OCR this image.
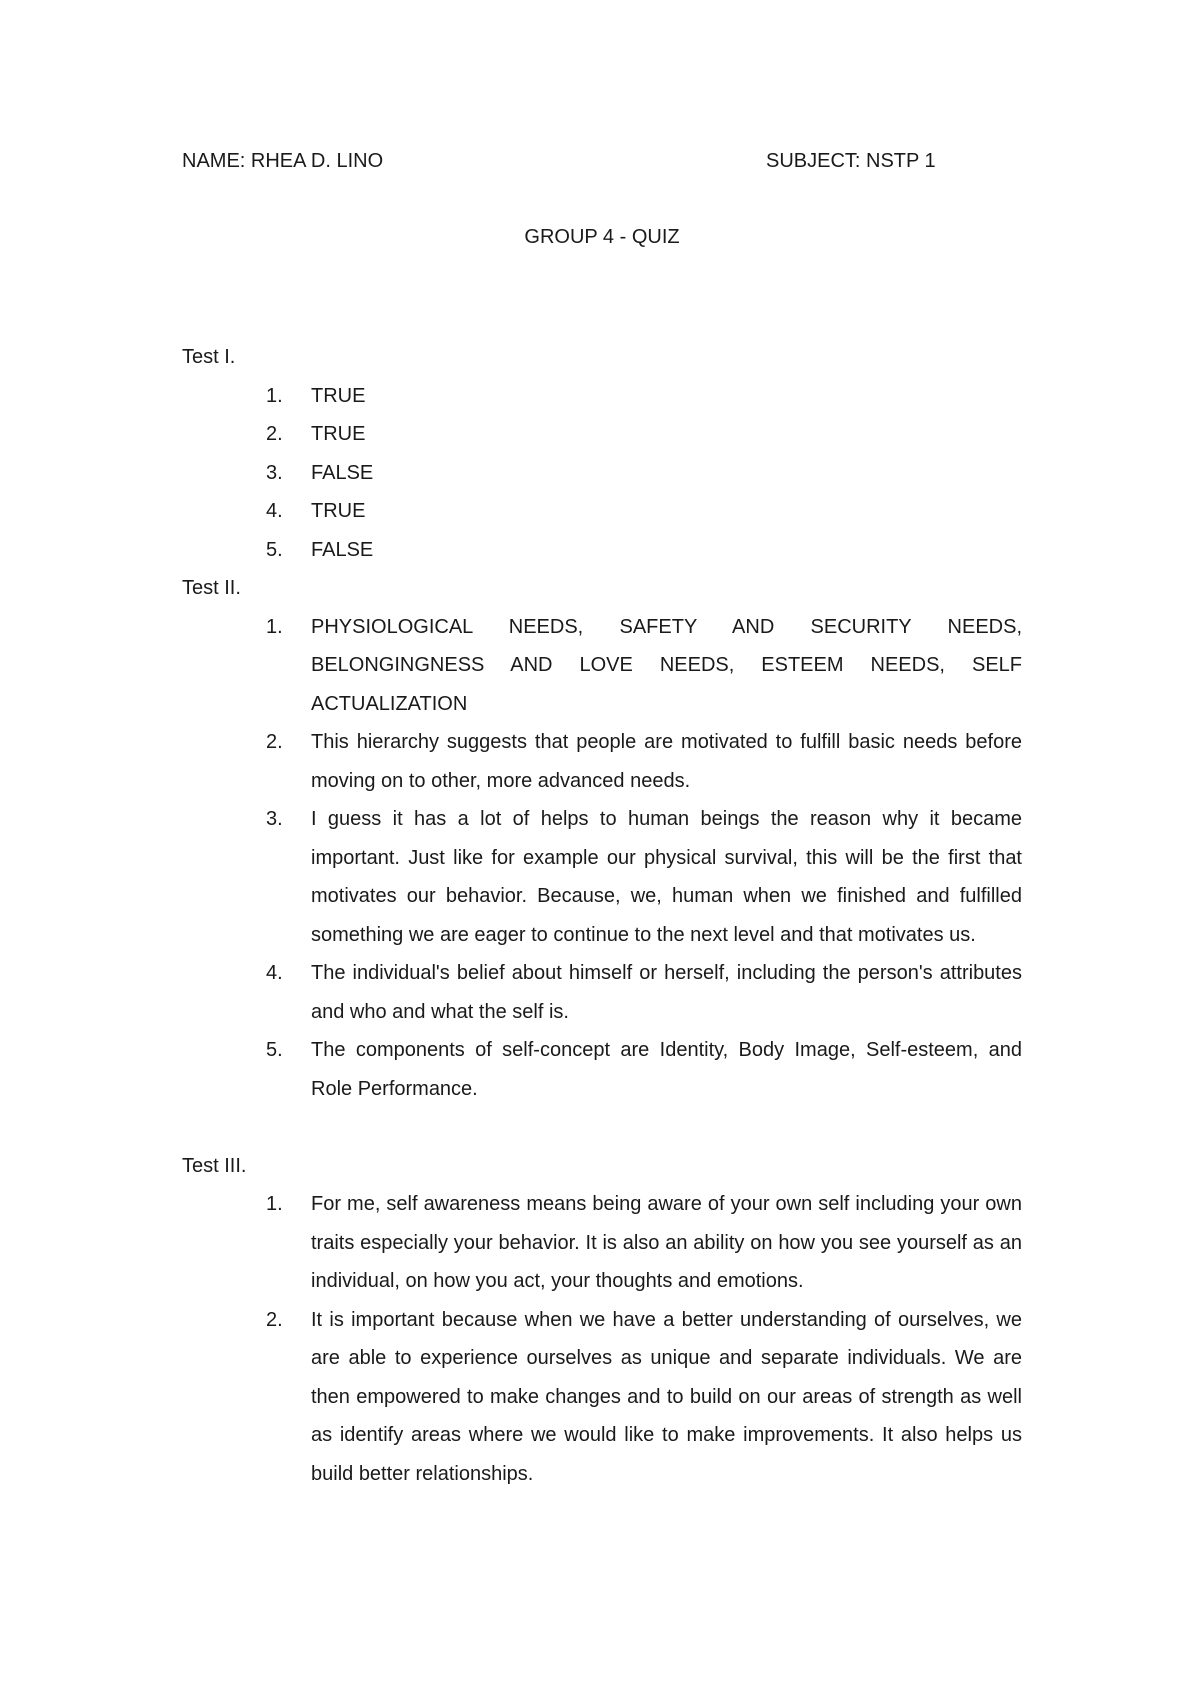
NAME: RHEA D. LINO	SUBJECT: NSTP 1
GROUP 4 - QUIZ
Test I.
1.	TRUE
2.	TRUE
3.	FALSE
4.	TRUE
5.	FALSE
Test II.
1.	PHYSIOLOGICAL NEEDS, SAFETY AND SECURITY NEEDS, BELONGINGNESS AND LOVE NEEDS, ESTEEM NEEDS, SELF ACTUALIZATION
2.	This hierarchy suggests that people are motivated to fulfill basic needs before moving on to other, more advanced needs.
3.	I guess it has a lot of helps to human beings the reason why it became important. Just like for example our physical survival, this will be the first that motivates our behavior. Because, we, human when we finished and fulfilled something we are eager to continue to the next level and that motivates us.
4.	The individual's belief about himself or herself, including the person's attributes and who and what the self is.
5.	The components of self-concept are Identity, Body Image, Self-esteem, and Role Performance.
Test III.
1.	For me, self awareness means being aware of your own self including your own traits especially your behavior. It is also an ability on how you see yourself as an individual, on how you act, your thoughts and emotions.
2.	It is important because when we have a better understanding of ourselves, we are able to experience ourselves as unique and separate individuals. We are then empowered to make changes and to build on our areas of strength as well as identify areas where we would like to make improvements. It also helps us build better relationships.
